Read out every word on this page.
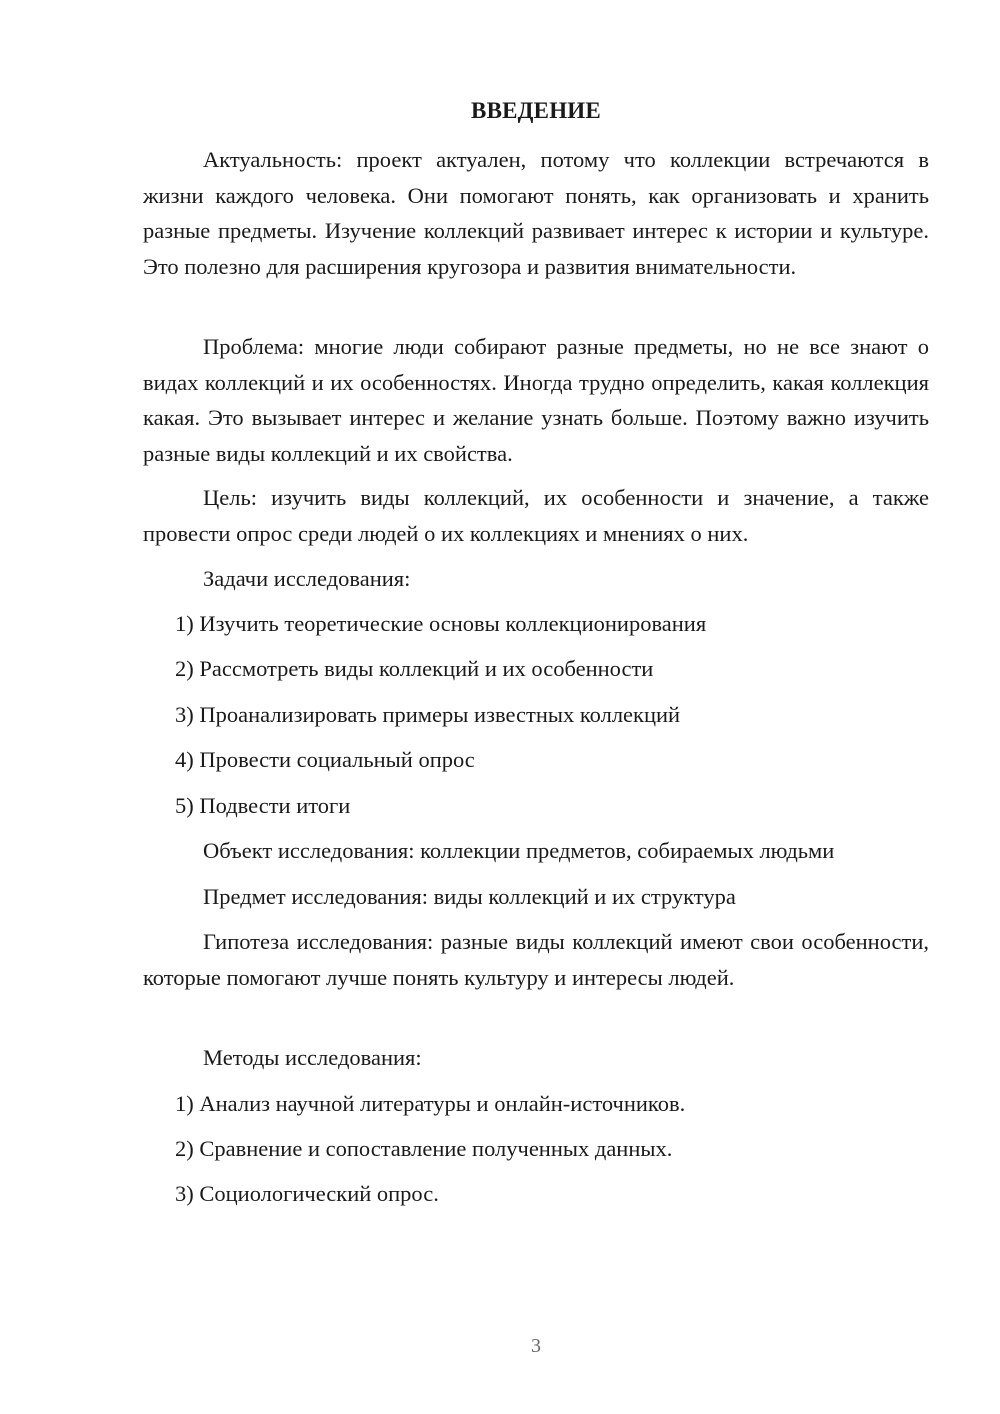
ВВЕДЕНИЕ

Актуальность: проект актуален, потому что коллекции встречаются в жизни каждого человека. Они помогают понять, как организовать и хранить разные предметы. Изучение коллекций развивает интерес к истории и культуре. Это полезно для расширения кругозора и развития внимательности.

Проблема: многие люди собирают разные предметы, но не все знают о видах коллекций и их особенностях. Иногда трудно определить, какая коллекция какая. Это вызывает интерес и желание узнать больше. Поэтому важно изучить разные виды коллекций и их свойства.

Цель: изучить виды коллекций, их особенности и значение, а также провести опрос среди людей о их коллекциях и мнениях о них.

Задачи исследования:

1) Изучить теоретические основы коллекционирования

2) Рассмотреть виды коллекций и их особенности

3) Проанализировать примеры известных коллекций

4) Провести социальный опрос

5) Подвести итоги

Объект исследования: коллекции предметов, собираемых людьми

Предмет исследования: виды коллекций и их структура

Гипотеза исследования: разные виды коллекций имеют свои особенности, которые помогают лучше понять культуру и интересы людей.

Методы исследования:

1) Анализ научной литературы и онлайн-источников.

2) Сравнение и сопоставление полученных данных.

3) Социологический опрос.

3
